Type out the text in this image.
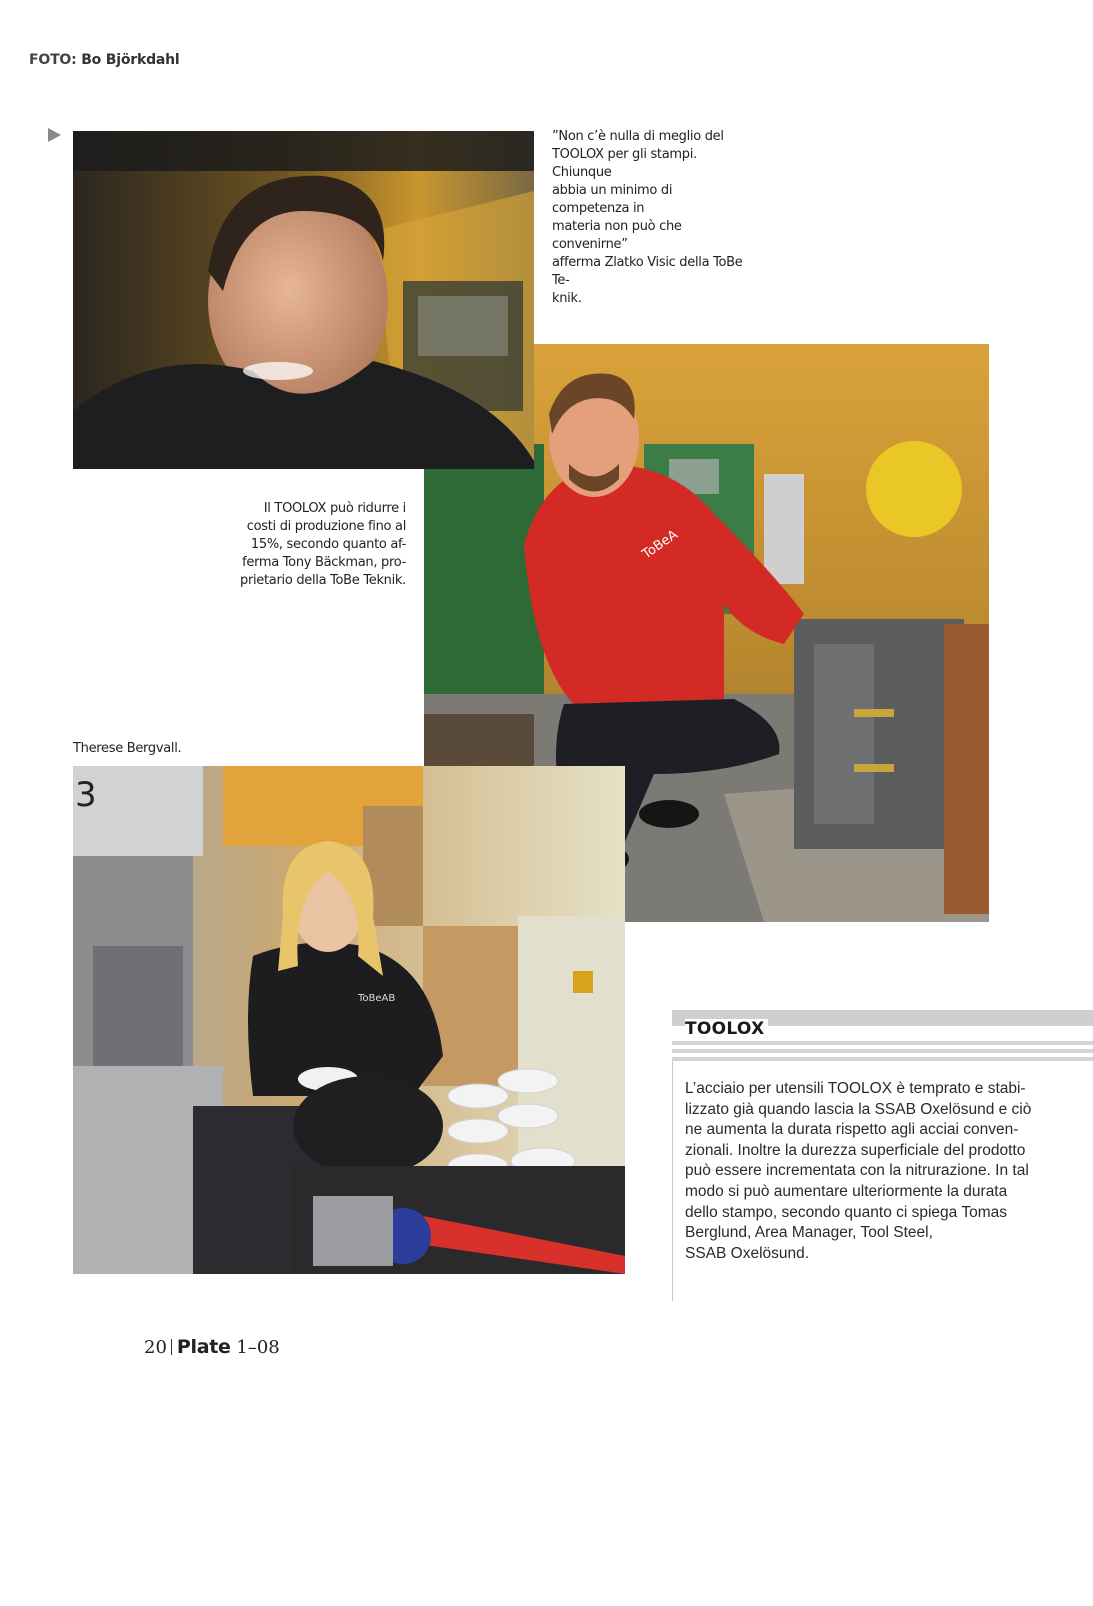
FOTO: Bo Björkdahl
”Non c’è nulla di meglio del
TOOLOX per gli stampi. Chiunque
abbia un minimo di competenza in
materia non può che convenirne”
afferma Zlatko Visic della ToBe Te-
knik.
ToBeA
3
ToBeAB
Il TOOLOX può ridurre i
costi di produzione fino al
15%, secondo quanto af-
ferma Tony Bäckman, pro-
prietario della ToBe Teknik.
Therese Bergvall.
TOOLOX

L’acciaio per utensili TOOLOX è temprato e stabi-

lizzato già quando lascia la SSAB Oxelösund e ciò

ne aumenta la durata rispetto agli acciai conven-

zionali. Inoltre la durezza superficiale del prodotto

può essere incrementata con la nitrurazione. In tal

modo si può aumentare ulteriormente la durata

dello stampo, secondo quanto ci spiega Tomas

Berglund, Area Manager, Tool Steel,

SSAB Oxelösund.

20 Plate 1–08
